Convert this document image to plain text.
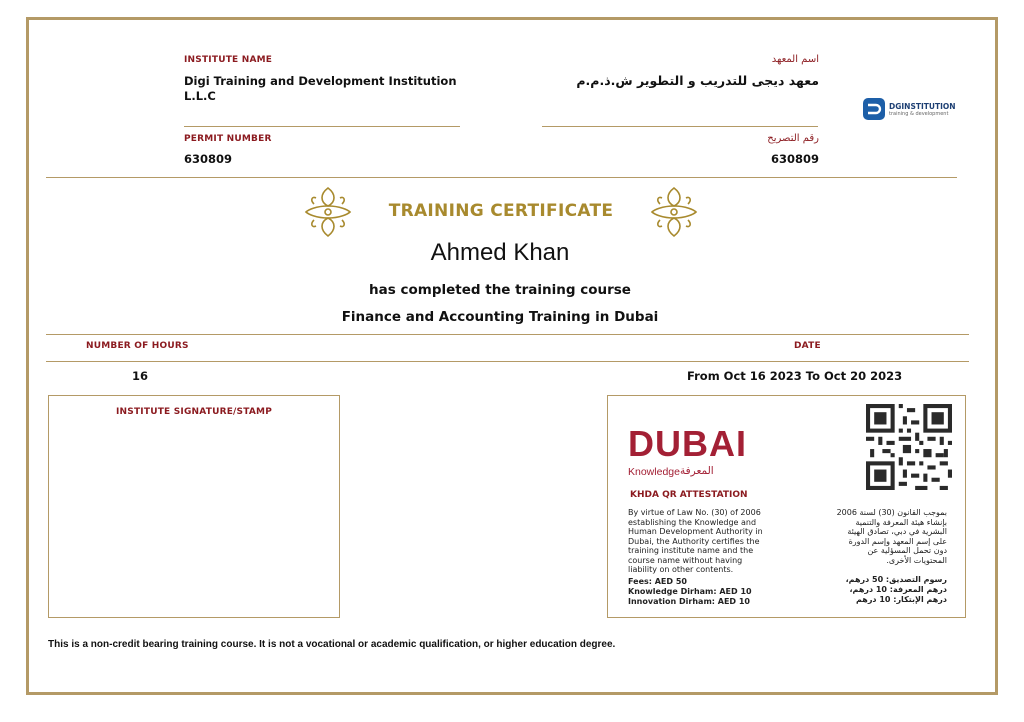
INSTITUTE NAME
Digi Training and Development Institution
L.L.C
اسم المعهد
معهد ديجى للتدريب و التطوير ش.ذ.م.م
DGINSTITUTION
training & development
PERMIT NUMBER
630809
رقم التصريح
630809
TRAINING CERTIFICATE
Ahmed Khan
has completed the training course
Finance and Accounting Training in Dubai
NUMBER OF HOURS	DATE
16	From Oct 16 2023 To Oct 20 2023
INSTITUTE SIGNATURE/STAMP
DUBAI
Knowledge المعرفة
KHDA QR ATTESTATION
By virtue of Law No. (30) of 2006
establishing the Knowledge and
Human Development Authority in
Dubai, the Authority certifies the
training institute name and the
course name without having
liability on other contents.
بموجب القانون (30) لسنة 2006
بإنشاء هيئة المعرفة والتنمية
البشرية في دبي، تصادق الهيئة
على إسم المعهد وإسم الدورة
دون تحمل المسؤلية عن
المحتويات الأخرى.
Fees: AED 50
Knowledge Dirham: AED 10
Innovation Dirham: AED 10
رسوم التصديق: 50 درهم،
درهم المعرفة: 10 درهم،
درهم الإبتكار: 10 درهم
This is a non-credit bearing training course. It is not a vocational or academic qualification, or higher education degree.
